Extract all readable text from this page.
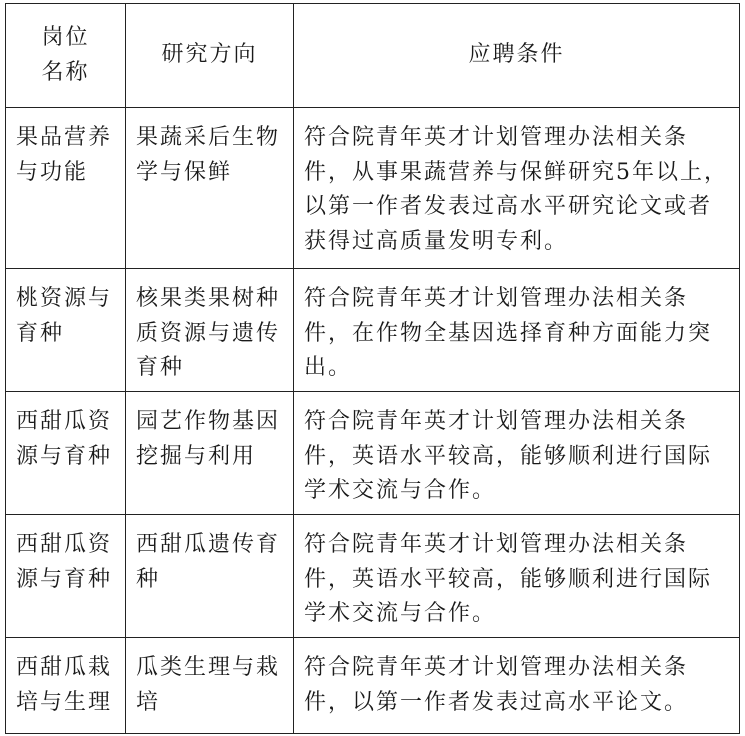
岗位
名称	研究方向	应聘条件
果品营养与功能	果蔬采后生物学与保鲜	符合院青年英才计划管理办法相关条件，从事果蔬营养与保鲜研究5年以上，以第一作者发表过高水平研究论文或者获得过高质量发明专利。
桃资源与育种	核果类果树种质资源与遗传育种	符合院青年英才计划管理办法相关条件，在作物全基因选择育种方面能力突出。
西甜瓜资源与育种	园艺作物基因挖掘与利用	符合院青年英才计划管理办法相关条件，英语水平较高，能够顺利进行国际学术交流与合作。
西甜瓜资源与育种	西甜瓜遗传育种	符合院青年英才计划管理办法相关条件，英语水平较高，能够顺利进行国际学术交流与合作。
西甜瓜栽培与生理	瓜类生理与栽培	符合院青年英才计划管理办法相关条件，以第一作者发表过高水平论文。
